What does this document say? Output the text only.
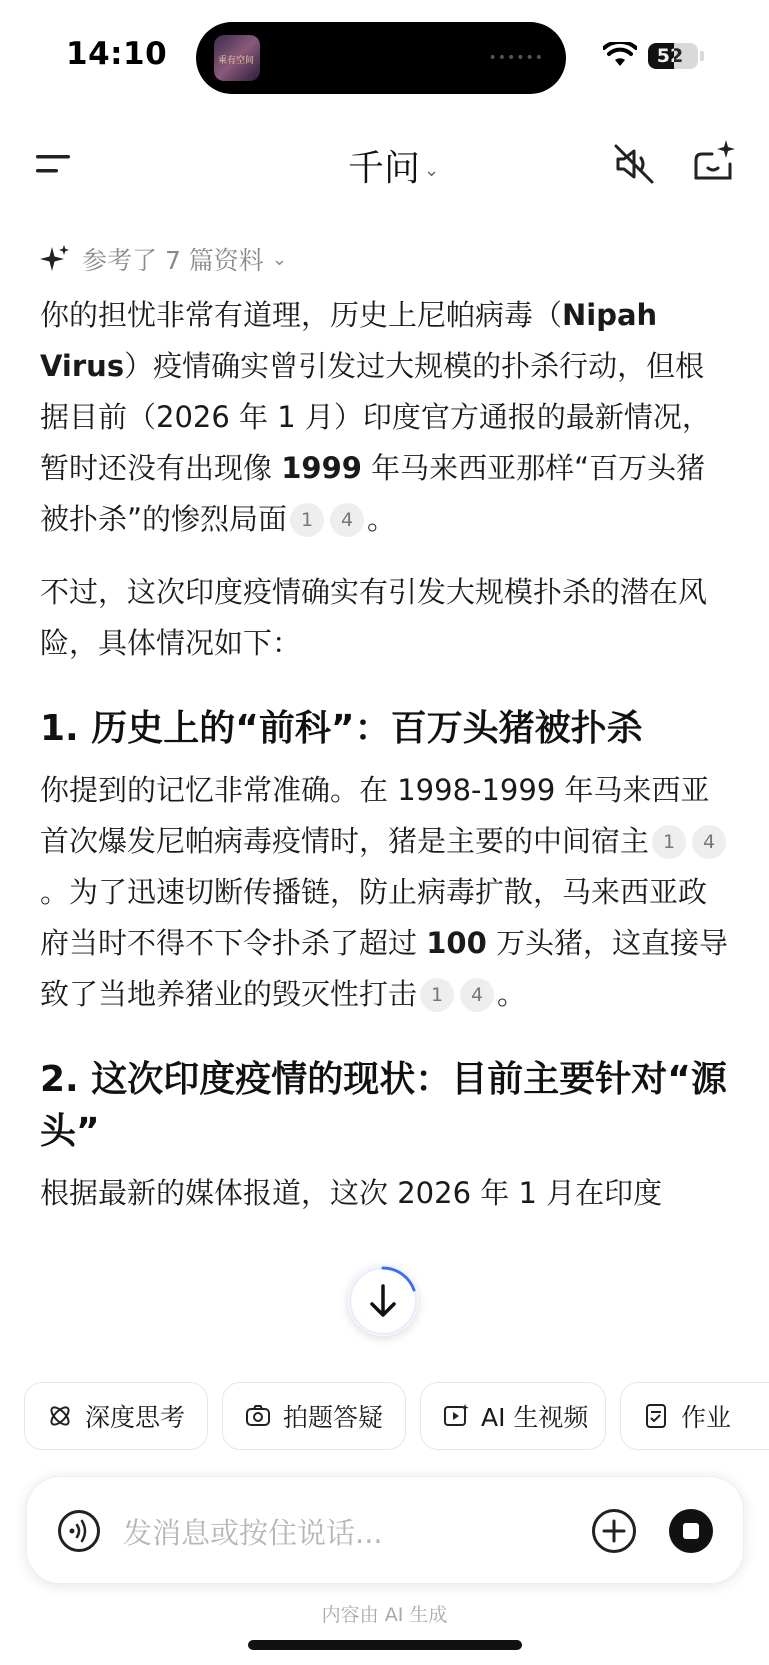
14:10	乘有空间	••••••	52
千问 ⌄
参考了 7 篇资料 ⌄

你的担忧非常有道理，历史上尼帕病毒（Nipah Virus）疫情确实曾引发过大规模的扑杀行动，但根据目前（2026 年 1 月）印度官方通报的最新情况，暂时还没有出现像 1999 年马来西亚那样“百万头猪被扑杀”的惨烈局面 1 4 。

不过，这次印度疫情确实有引发大规模扑杀的潜在风险，具体情况如下：

1. 历史上的“前科”：百万头猪被扑杀

你提到的记忆非常准确。在 1998-1999 年马来西亚首次爆发尼帕病毒疫情时，猪是主要的中间宿主 1 4。为了迅速切断传播链，防止病毒扩散，马来西亚政府当时不得不下令扑杀了超过 100 万头猪，这直接导致了当地养猪业的毁灭性打击 1 4 。

2. 这次印度疫情的现状：目前主要针对“源头”

根据最新的媒体报道，这次 2026 年 1 月在印度

深度思考	拍题答疑	AI 生视频	作业
发消息或按住说话...
内容由 AI 生成
